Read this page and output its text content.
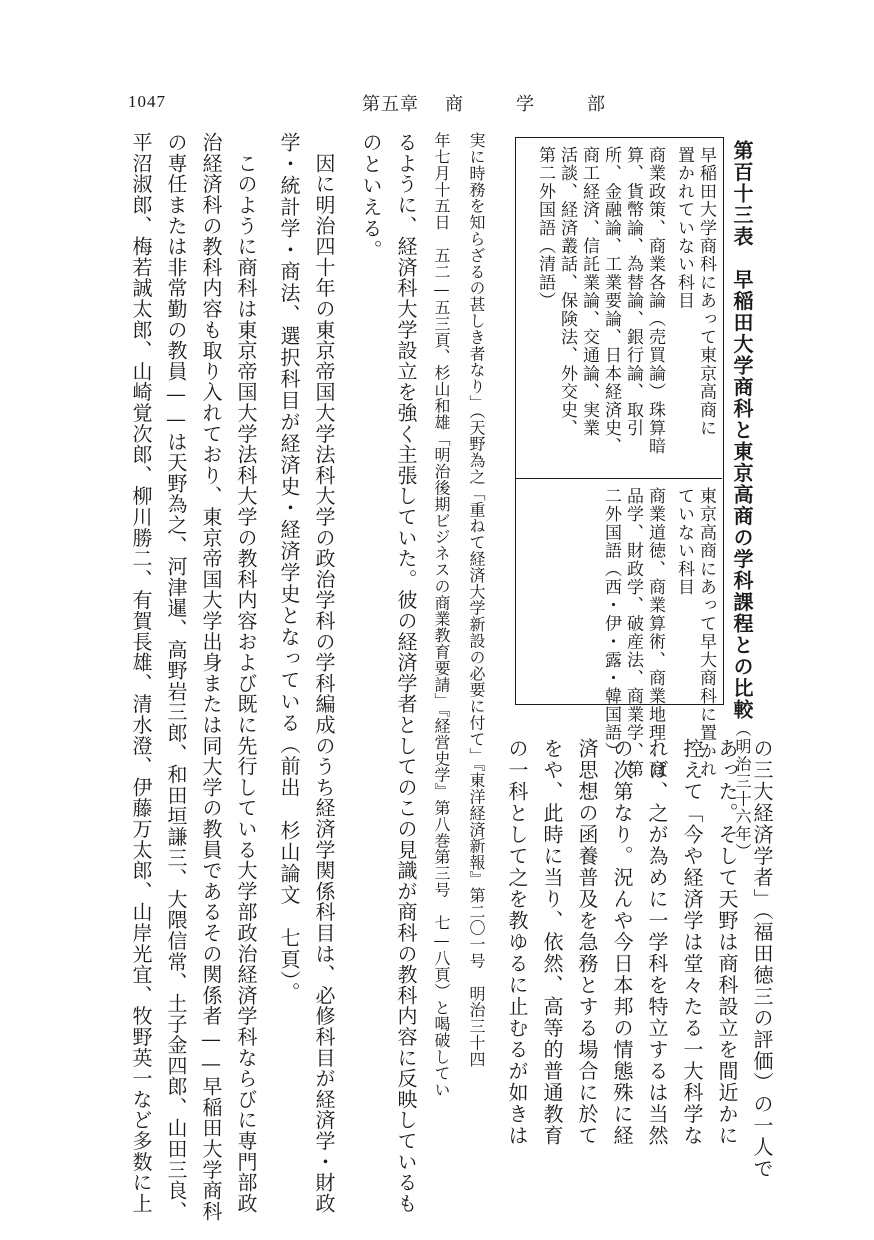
1047	第五章 商	学	部
第百十三表　早稲田大学商科と東京高商の学科課程との比較（明治三十六年）
早稲田大学商科にあって東京高商に
置かれていない科目
商業政策、商業各論（売買論）珠算暗
算、貨幣論、為替論、銀行論、取引
所、金融論、工業要論、日本経済史、
商工経済、信託業論、交通論、実業
活談、経済叢話、保険法、外交史、
第二外国語（清語）
東京高商にあって早大商科に置かれ
ていない科目
商業道徳、商業算術、商業地理、商
品学、財政学、破産法、商業学、第
二外国語（西・伊・露・韓国語）
の三大経済学者」（福田徳三の評価）の一人で
あった。そして天野は商科設立を間近かに
控えて「今や経済学は堂々たる一大科学な
れば、之が為めに一学科を特立するは当然
の次第なり。況んや今日本邦の情態殊に経
済思想の函養普及を急務とする場合に於て
をや、此時に当り、依然、高等的普通教育
の一科として之を教ゆるに止むるが如きは
実に時務を知らざるの甚しき者なり」（天野為之「重ねて経済大学新設の必要に付て」『東洋経済新報』第二〇一号　明治三十四
年七月十五日　五二—五三頁、杉山和雄「明治後期ビジネスの商業教育要請」『経営史学』第八巻第三号　七—八頁）と喝破してい
るように、経済科大学設立を強く主張していた。彼の経済学者としてのこの見識が商科の教科内容に反映しているも
のといえる。
　因に明治四十年の東京帝国大学法科大学の政治学科の学科編成のうち経済学関係科目は、必修科目が経済学・財政
学・統計学・商法、選択科目が経済史・経済学史となっている（前出　杉山論文　七頁）。
　このように商科は東京帝国大学法科大学の教科内容および既に先行している大学部政治経済学科ならびに専門部政
治経済科の教科内容も取り入れており、東京帝国大学出身または同大学の教員であるその関係者——早稲田大学商科
の専任または非常勤の教員——は天野為之、河津暹、高野岩三郎、和田垣謙三、大隈信常、土子金四郎、山田三良、
平沼淑郎、梅若誠太郎、山崎覚次郎、柳川勝二、有賀長雄、清水澄、伊藤万太郎、山岸光宜、牧野英一など多数に上
